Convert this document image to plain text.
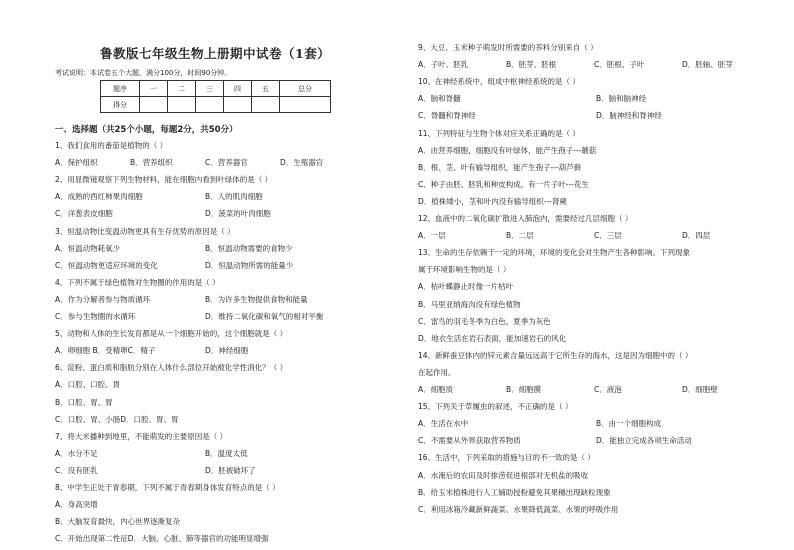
鲁教版七年级生物上册期中试卷（1套）
考试说明：本试卷五个大题，满分100分，时间90分钟。
题序	一	二	三	四	五	总分
得分						
一、选择题（共25个小题，每题2分，共50分）
1、我们食用的番茄是植物的（ ）
A．保护组织	B．营养组织	C．营养器官	D．生殖器官
2、用显微镜观察下列生物材料，能在细胞内看到叶绿体的是（ ）
A．成熟的西红柿果肉细胞	B．人的肌肉细胞
C．洋葱表皮细胞	D．菠菜的叶肉细胞
3、恒温动物比变温动物更具有生存优势的原因是（ ）
A．恒温动物耗氧少	B．恒温动物需要的食物少
C．恒温动物更适应环境的变化	D．恒温动物所需的能量少
4、下列不属于绿色植物对生物圈的作用的是（ ）
A．作为分解者参与物质循环	B．为许多生物提供食物和能量
C．参与生物圈的水循环	D．维持二氧化碳和氧气的相对平衡
5、动物和人体的生长发育都是从一个细胞开始的，这个细胞就是（ ）
A．卵细胞 B．受精卵C．精子	D．神经细胞
6、淀粉、蛋白质和脂肪分别在人体什么部位开始被化学性消化？（ ）
A．口腔、口腔、胃
B．口腔、胃、胃
C．口腔、胃、小肠D．口腔、胃、胃
7、将大米播种到地里，不能萌发的主要原因是（ ）
A．水分不足	B．温度太低
C．没有胚乳	D．胚被破坏了
8、中学生正处于青春期，下列不属于青春期身体发育特点的是（ ）
A．身高突增
B．大脑发育最快，内心世界逐渐复杂
C．开始出现第二性征D．大脑、心脏、肺等器官的功能明显增强
9、大豆、玉米种子萌发时所需要的养料分别来自（ ）
A．子叶、胚乳	B．胚芽、胚根	C．胚根、子叶	D．胚轴、胚芽
10、在神经系统中，组成中枢神经系统的是（ ）
A．脑和脊髓	B．脑和脑神经
C．脊髓和脊神经	D．脑神经和脊神经
11、下列特征与生物个体对应关系正确的是（ ）
A．由营养细胞，细胞没有叶绿体，能产生孢子---蘑菇
B．根、茎、叶有输导组织，能产生孢子---葫芦藓
C．种子由胚、胚乳和种皮构成，有一片子叶---花生
D．植株矮小，茎和叶内没有输导组织---肾蕨
12、血液中的二氧化碳扩散进入肺泡内，需要经过几层细胞（ ）
A．一层	B．二层	C．三层	D．四层
13、生命的生存依赖于一定的环境，环境的变化会对生物产生各种影响。下列现象
属于环境影响生物的是（ ）
A．枯叶蝶静止时像一片枯叶
B．马里亚纳海沟没有绿色植物
C．雷鸟的羽毛冬季为白色，夏季为灰色
D．地衣生活在岩石表面，能加速岩石的风化
14、新鲜蚕豆体内的锌元素含量远远高于它所生存的海水，这是因为细胞中的（ ）
在起作用。
A．细胞质	B．细胞膜	C．液泡	D．细胞壁
15、下列关于草履虫的叙述，不正确的是（ ）
A．生活在水中	B．由一个细胞构成
C．不需要从外界获取营养物质	D．能独立完成各项生命活动
16、生活中，下列采取的措施与目的不一致的是（ ）
A．水淹后的农田及时排涝促进根部对无机盐的吸收
B．给玉米植株进行人工辅助授粉避免其果穗出现缺粒现象
C．利用冰箱冷藏新鲜蔬菜、水果降低蔬菜、水果的呼吸作用
